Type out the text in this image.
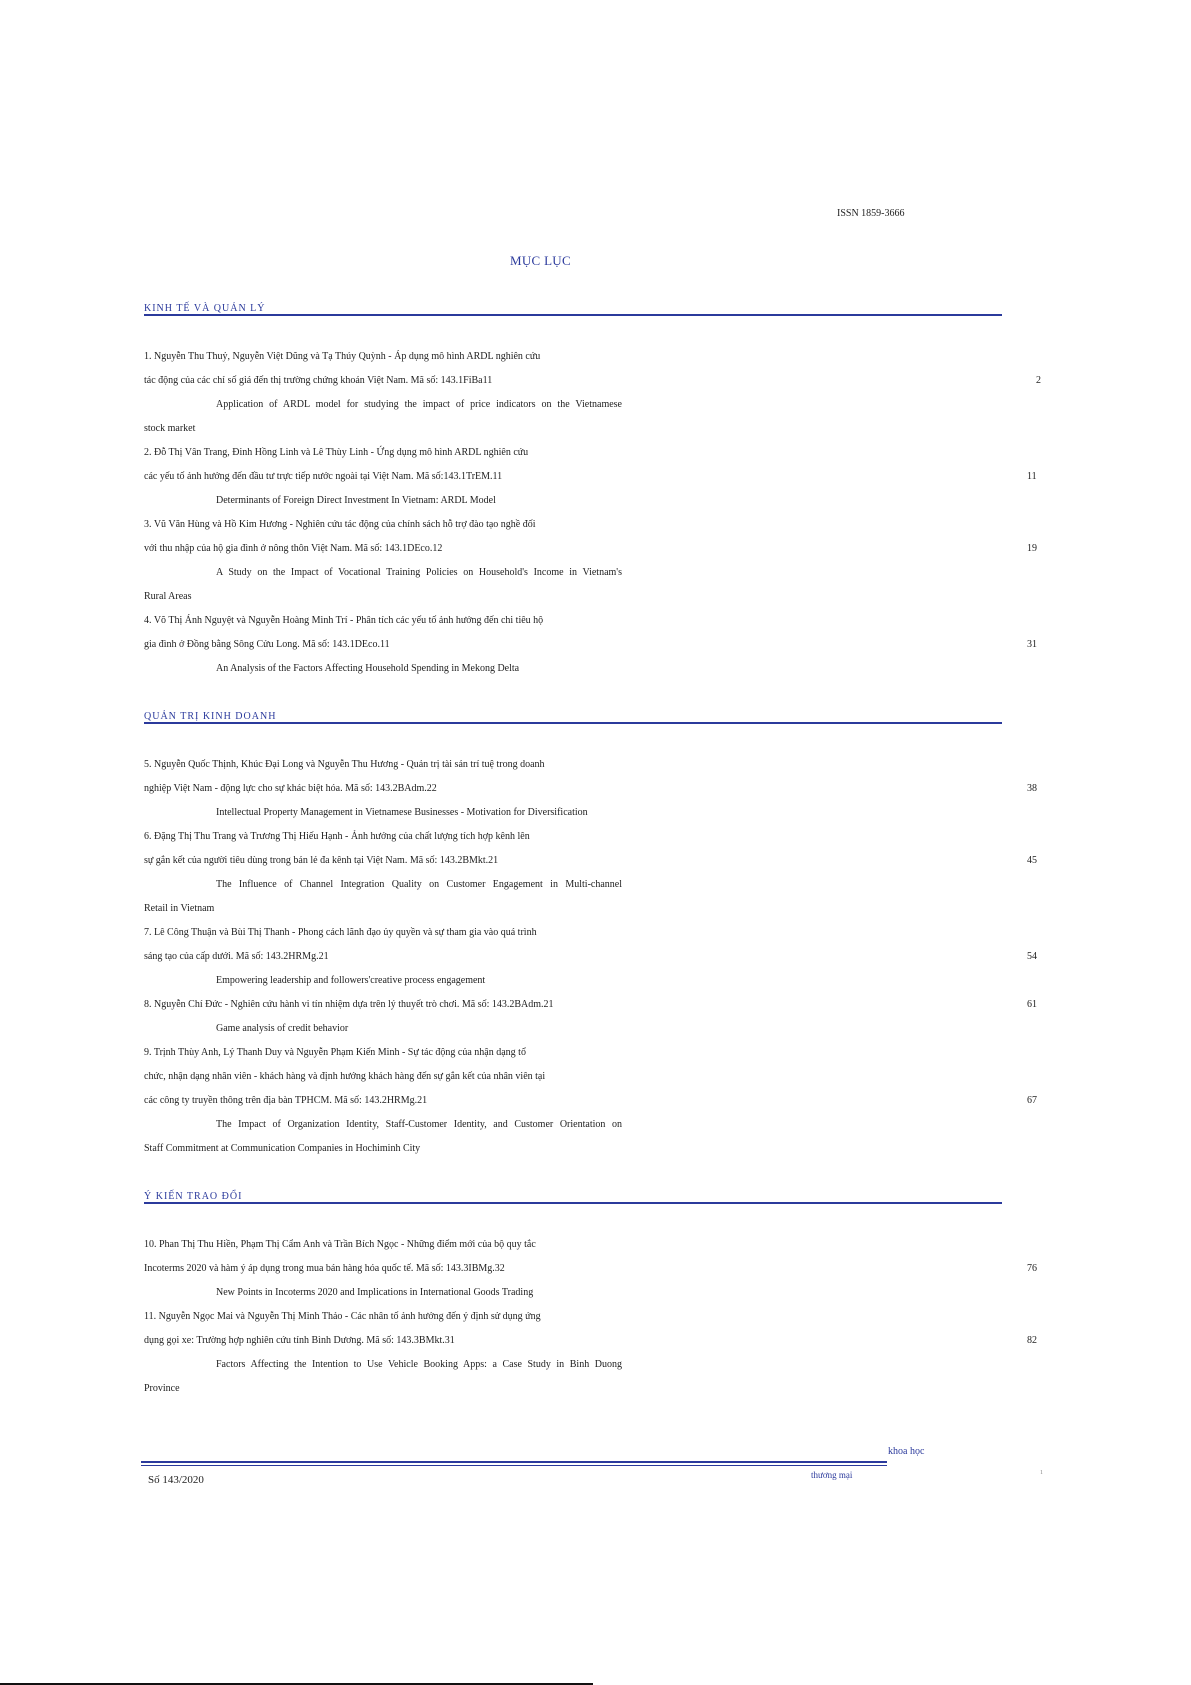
ISSN 1859-3666
MỤC LỤC
KINH TẾ VÀ QUẢN LÝ
1. Nguyễn Thu Thuỷ, Nguyễn Việt Dũng và Tạ Thúy Quỳnh - Áp dụng mô hình ARDL nghiên cứu
tác động của các chỉ số giá đến thị trường chứng khoán Việt Nam. Mã số: 143.1FiBa11	2
Application of ARDL model for studying the impact of price indicators on the Vietnamese
stock market
2. Đỗ Thị Vân Trang, Đinh Hồng Linh và Lê Thùy Linh - Ứng dụng mô hình ARDL nghiên cứu
các yếu tố ảnh hưởng đến đầu tư trực tiếp nước ngoài tại Việt Nam. Mã số:143.1TrEM.11	11
Determinants of Foreign Direct Investment In Vietnam: ARDL Model
3. Vũ Văn Hùng và Hồ Kim Hương - Nghiên cứu tác động của chính sách hỗ trợ đào tạo nghề đối
với thu nhập của hộ gia đình ở nông thôn Việt Nam. Mã số: 143.1DEco.12	19
A Study on the Impact of Vocational Training Policies on Household's Income in Vietnam's
Rural Areas
4. Võ Thị Ánh Nguyệt và Nguyễn Hoàng Minh Trí - Phân tích các yếu tố ảnh hưởng đến chi tiêu hộ
gia đình ở Đồng bằng Sông Cửu Long. Mã số: 143.1DEco.11	31
An Analysis of the Factors Affecting Household Spending in Mekong Delta
QUẢN TRỊ KINH DOANH
5. Nguyễn Quốc Thịnh, Khúc Đại Long và Nguyễn Thu Hương - Quản trị tài sản trí tuệ trong doanh
nghiệp Việt Nam - động lực cho sự khác biệt hóa. Mã số: 143.2BAdm.22	38
Intellectual Property Management in Vietnamese Businesses - Motivation for Diversification
6. Đặng Thị Thu Trang và Trương Thị Hiếu Hạnh - Ảnh hưởng của chất lượng tích hợp kênh lên
sự gắn kết của người tiêu dùng trong bán lẻ đa kênh tại Việt Nam. Mã số: 143.2BMkt.21	45
The Influence of Channel Integration Quality on Customer Engagement in Multi-channel
Retail in Vietnam
7. Lê Công Thuận và Bùi Thị Thanh - Phong cách lãnh đạo ủy quyền và sự tham gia vào quá trình
sáng tạo của cấp dưới. Mã số: 143.2HRMg.21	54
Empowering leadership and followers'creative process engagement
8. Nguyễn Chí Đức - Nghiên cứu hành vi tín nhiệm dựa trên lý thuyết trò chơi. Mã số: 143.2BAdm.21	61
Game analysis of credit behavior
9. Trịnh Thùy Anh, Lý Thanh Duy và Nguyễn Phạm Kiến Minh - Sự tác động của nhận dạng tổ
chức, nhận dạng nhân viên - khách hàng và định hướng khách hàng đến sự gắn kết của nhân viên tại
các công ty truyền thông trên địa bàn TPHCM. Mã số: 143.2HRMg.21	67
The Impact of Organization Identity, Staff-Customer Identity, and Customer Orientation on
Staff Commitment at Communication Companies in Hochiminh City
Ý KIẾN TRAO ĐỔI
10. Phan Thị Thu Hiền, Phạm Thị Cẩm Anh và Trần Bích Ngọc - Những điểm mới của bộ quy tắc
Incoterms 2020 và hàm ý áp dụng trong mua bán hàng hóa quốc tế. Mã số: 143.3IBMg.32	76
New Points in Incoterms 2020 and Implications in International Goods Trading
11. Nguyễn Ngọc Mai và Nguyễn Thị Minh Thảo - Các nhân tố ảnh hưởng đến ý định sử dụng ứng
dụng gọi xe: Trường hợp nghiên cứu tỉnh Bình Dương. Mã số: 143.3BMkt.31	82
Factors Affecting the Intention to Use Vehicle Booking Apps: a Case Study in Binh Duong
Province
khoa học
Số 143/2020	thương mại	1
